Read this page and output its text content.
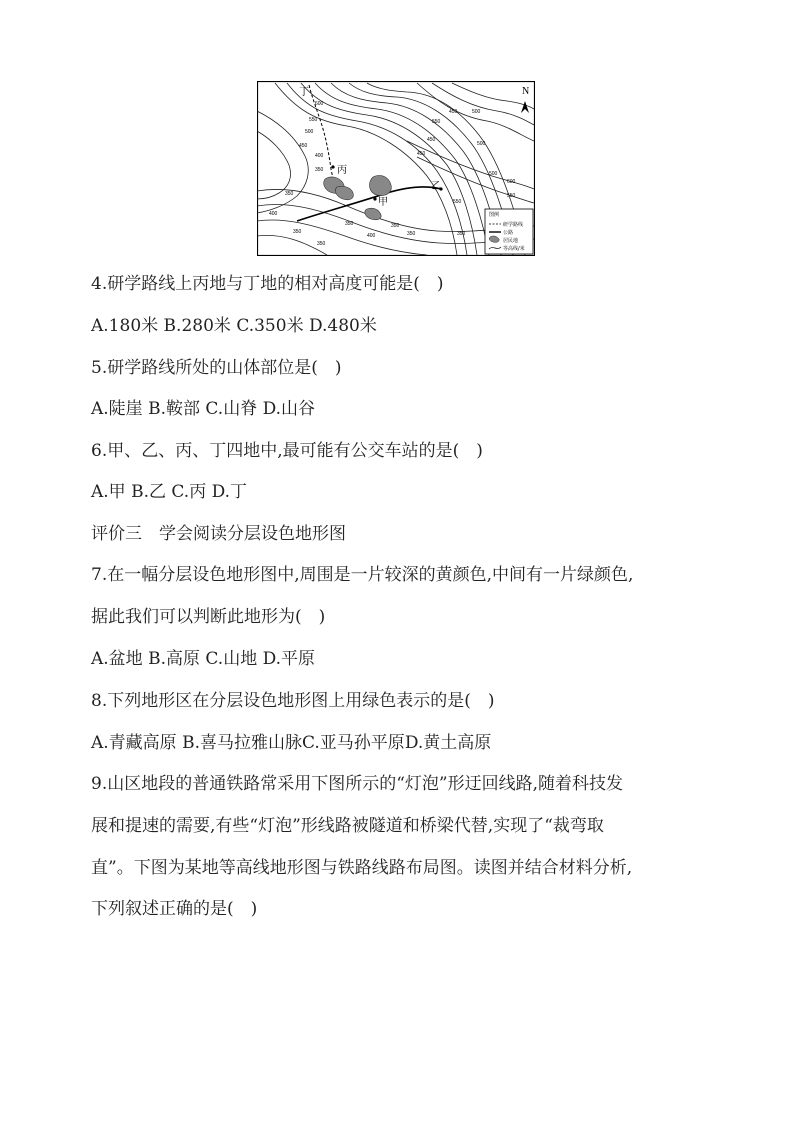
N
丁
丙
甲
乙
600
550
500
450
450
400
350
400
350
350
450
550
500
450
350
350
550
350
500
600
550
500
350
350
400
图例
研学路线
公路
居民地
等高线/米
4.研学路线上丙地与丁地的相对高度可能是(　)
A.180米 B.280米 C.350米 D.480米
5.研学路线所处的山体部位是(　)
A.陡崖 B.鞍部 C.山脊 D.山谷
6.甲、乙、丙、丁四地中,最可能有公交车站的是(　)
A.甲 B.乙 C.丙 D.丁
评价三　学会阅读分层设色地形图
7.在一幅分层设色地形图中,周围是一片较深的黄颜色,中间有一片绿颜色,
据此我们可以判断此地形为(　)
A.盆地 B.高原 C.山地 D.平原
8.下列地形区在分层设色地形图上用绿色表示的是(　)
A.青藏高原 B.喜马拉雅山脉C.亚马孙平原D.黄土高原
9.山区地段的普通铁路常采用下图所示的“灯泡”形迂回线路,随着科技发
展和提速的需要,有些“灯泡”形线路被隧道和桥梁代替,实现了“裁弯取
直”。下图为某地等高线地形图与铁路线路布局图。读图并结合材料分析,
下列叙述正确的是(　)
